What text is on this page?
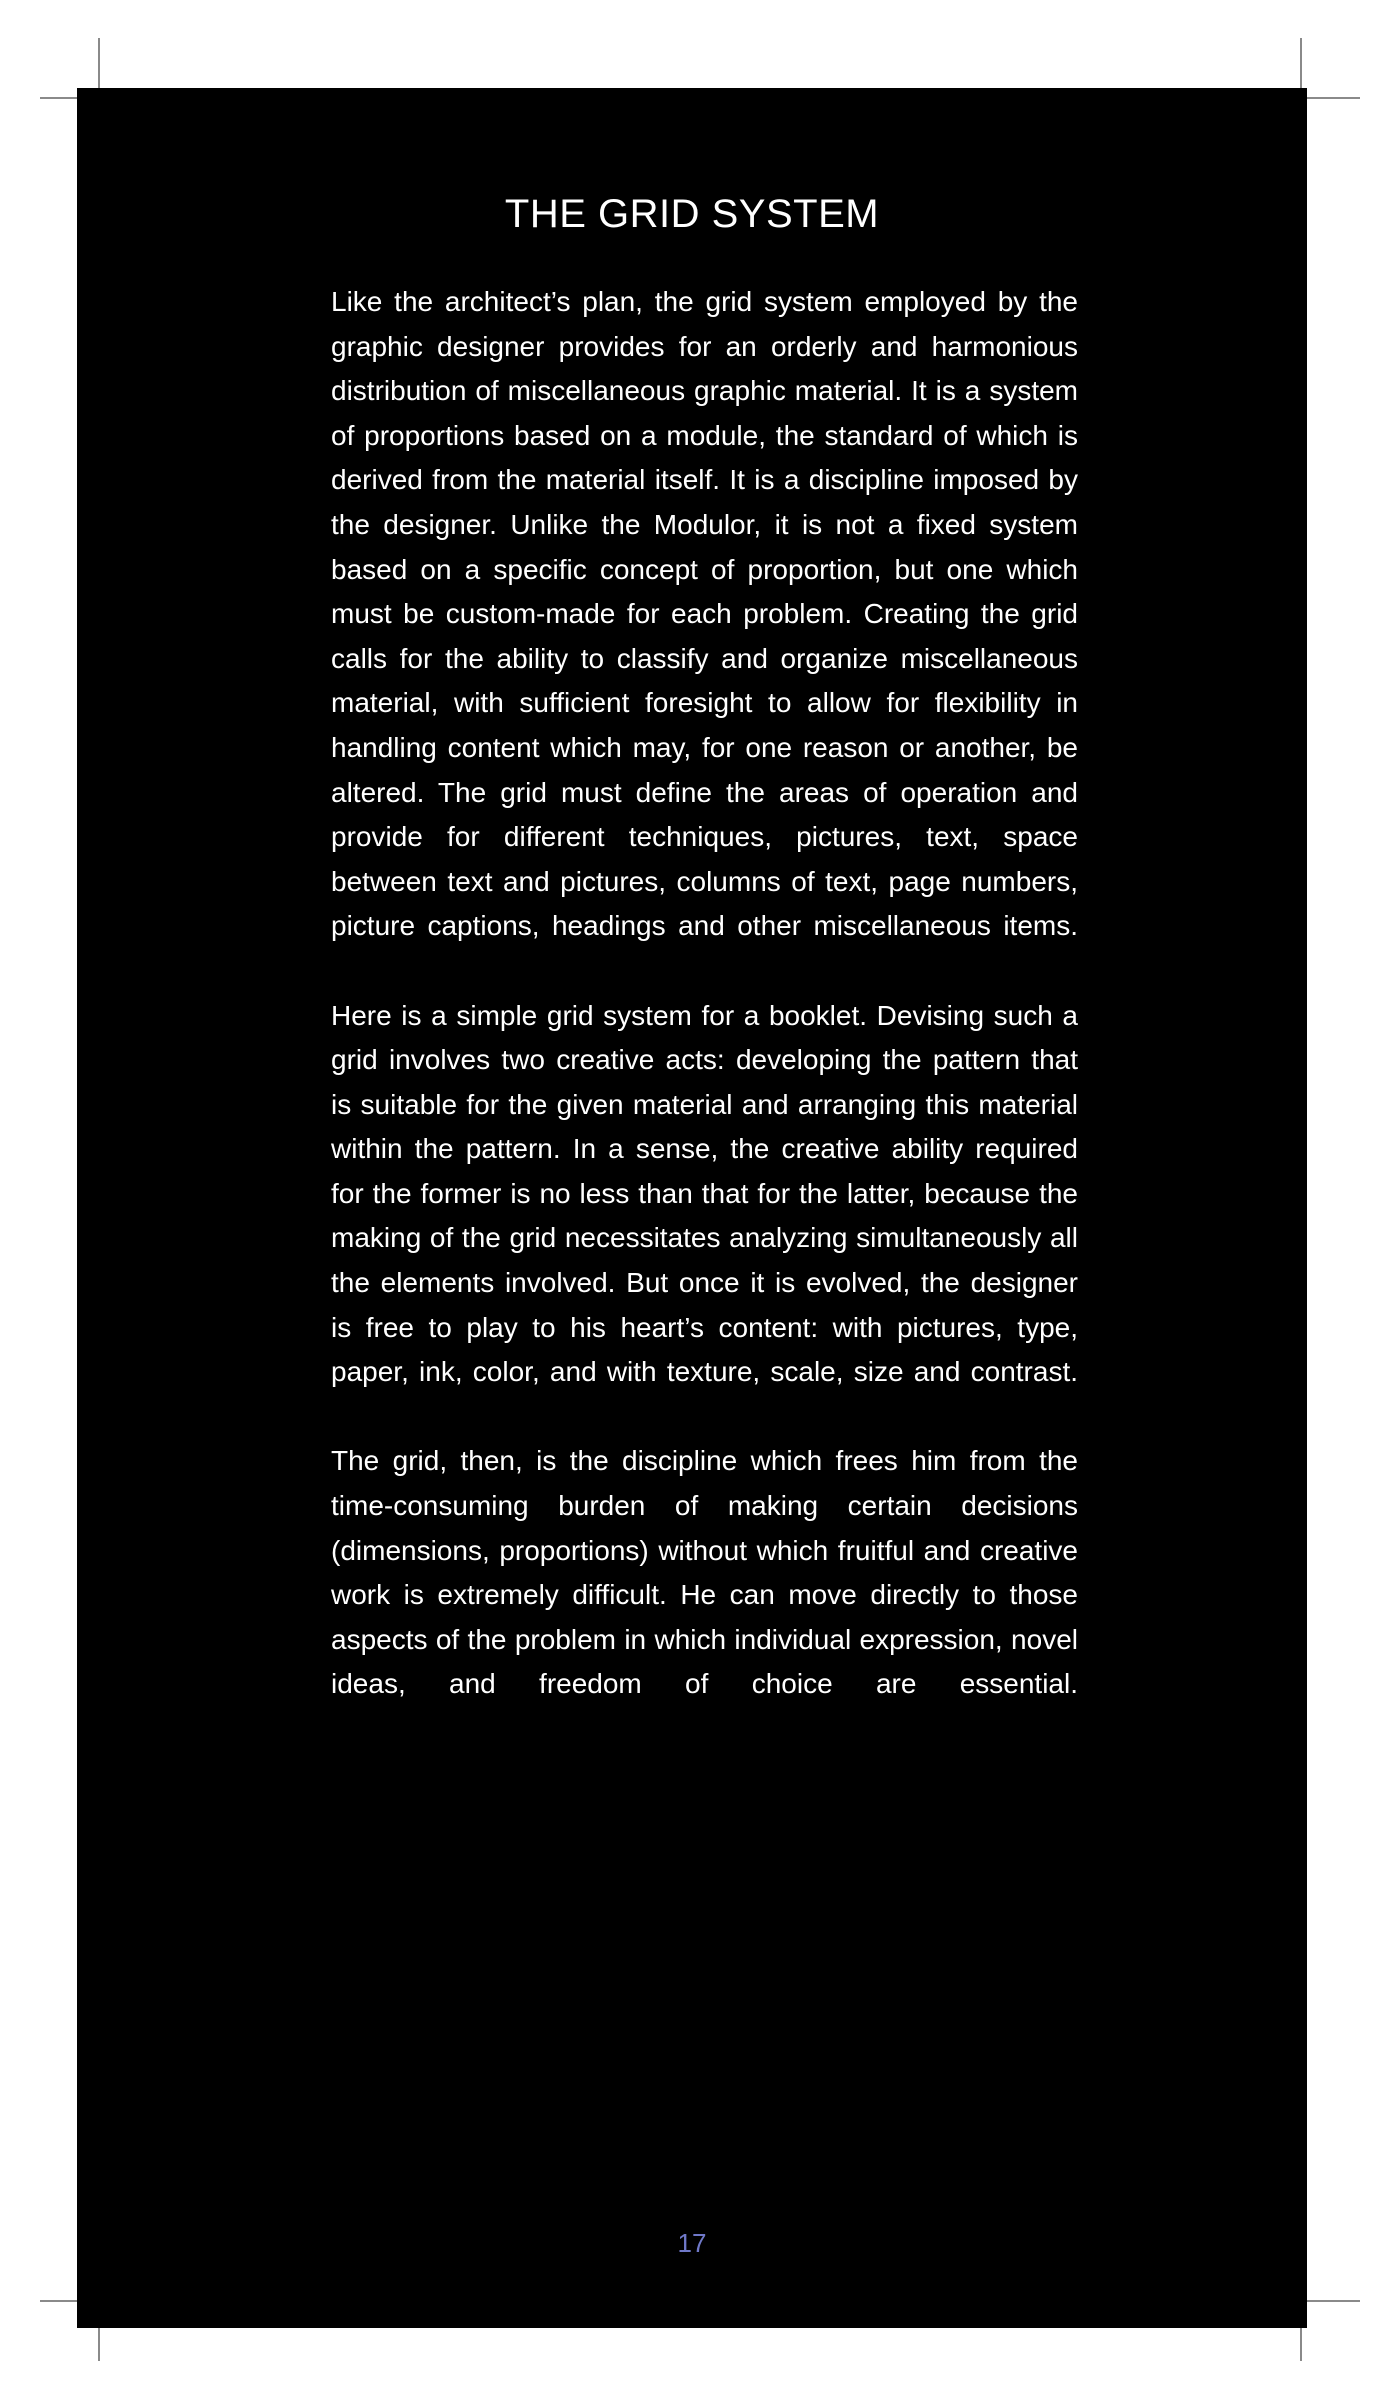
THE GRID SYSTEM

Like the architect’s plan, the grid system employed by the graphic designer provides for an orderly and harmonious distribution of miscellaneous graphic material. It is a system of proportions based on a module, the standard of which is derived from the material itself. It is a discipline imposed by the designer. Unlike the Modulor, it is not a fixed system based on a specific concept of proportion, but one which must be custom-made for each problem. Creating the grid calls for the ability to classify and organize miscellaneous material, with sufficient foresight to allow for flexibility in handling content which may, for one reason or another, be altered. The grid must define the areas of operation and provide for different techniques, pictures, text, space between text and pictures, columns of text, page numbers, picture captions, headings and other miscellaneous items.

Here is a simple grid system for a booklet. Devising such a grid involves two creative acts: developing the pattern that is suitable for the given material and arranging this material within the pattern. In a sense, the creative ability required for the former is no less than that for the latter, because the making of the grid necessitates analyzing simultaneously all the elements involved. But once it is evolved, the designer is free to play to his heart’s content: with pictures, type, paper, ink, color, and with texture, scale, size and contrast.

The grid, then, is the discipline which frees him from the time-consuming burden of making certain decisions (dimensions, proportions) without which fruitful and creative work is extremely difficult. He can move directly to those aspects of the problem in which individual expression, novel ideas, and freedom of choice are essential.

17
